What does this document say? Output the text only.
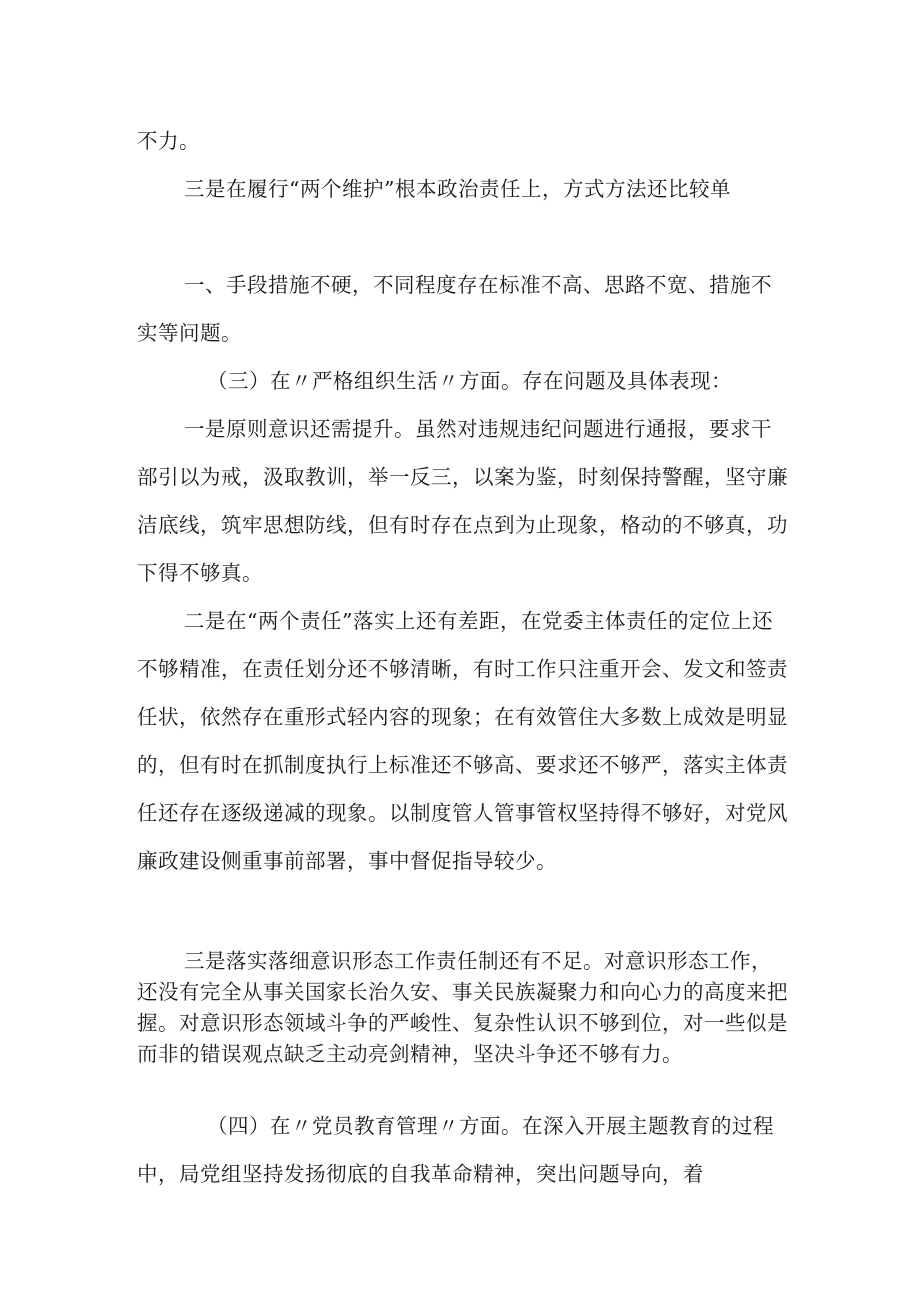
不力。

三是在履行“两个维护”根本政治责任上，方式方法还比较单

一、手段措施不硬，不同程度存在标准不高、思路不宽、措施不实等问题。

（三）在〃严格组织生活〃方面。存在问题及具体表现：

一是原则意识还需提升。虽然对违规违纪问题进行通报，要求干部引以为戒，汲取教训，举一反三，以案为鉴，时刻保持警醒，坚守廉洁底线，筑牢思想防线，但有时存在点到为止现象，格动的不够真，功下得不够真。

二是在“两个责任”落实上还有差距，在党委主体责任的定位上还不够精准，在责任划分还不够清晰，有时工作只注重开会、发文和签责任状，依然存在重形式轻内容的现象；在有效管住大多数上成效是明显的，但有时在抓制度执行上标准还不够高、要求还不够严，落实主体责任还存在逐级递减的现象。以制度管人管事管权坚持得不够好，对党风廉政建设侧重事前部署，事中督促指导较少。

三是落实落细意识形态工作责任制还有不足。对意识形态工作，还没有完全从事关国家长治久安、事关民族凝聚力和向心力的高度来把握。对意识形态领域斗争的严峻性、复杂性认识不够到位，对一些似是而非的错误观点缺乏主动亮剑精神，坚决斗争还不够有力。

（四）在〃党员教育管理〃方面。在深入开展主题教育的过程中，局党组坚持发扬彻底的自我革命精神，突出问题导向，着
